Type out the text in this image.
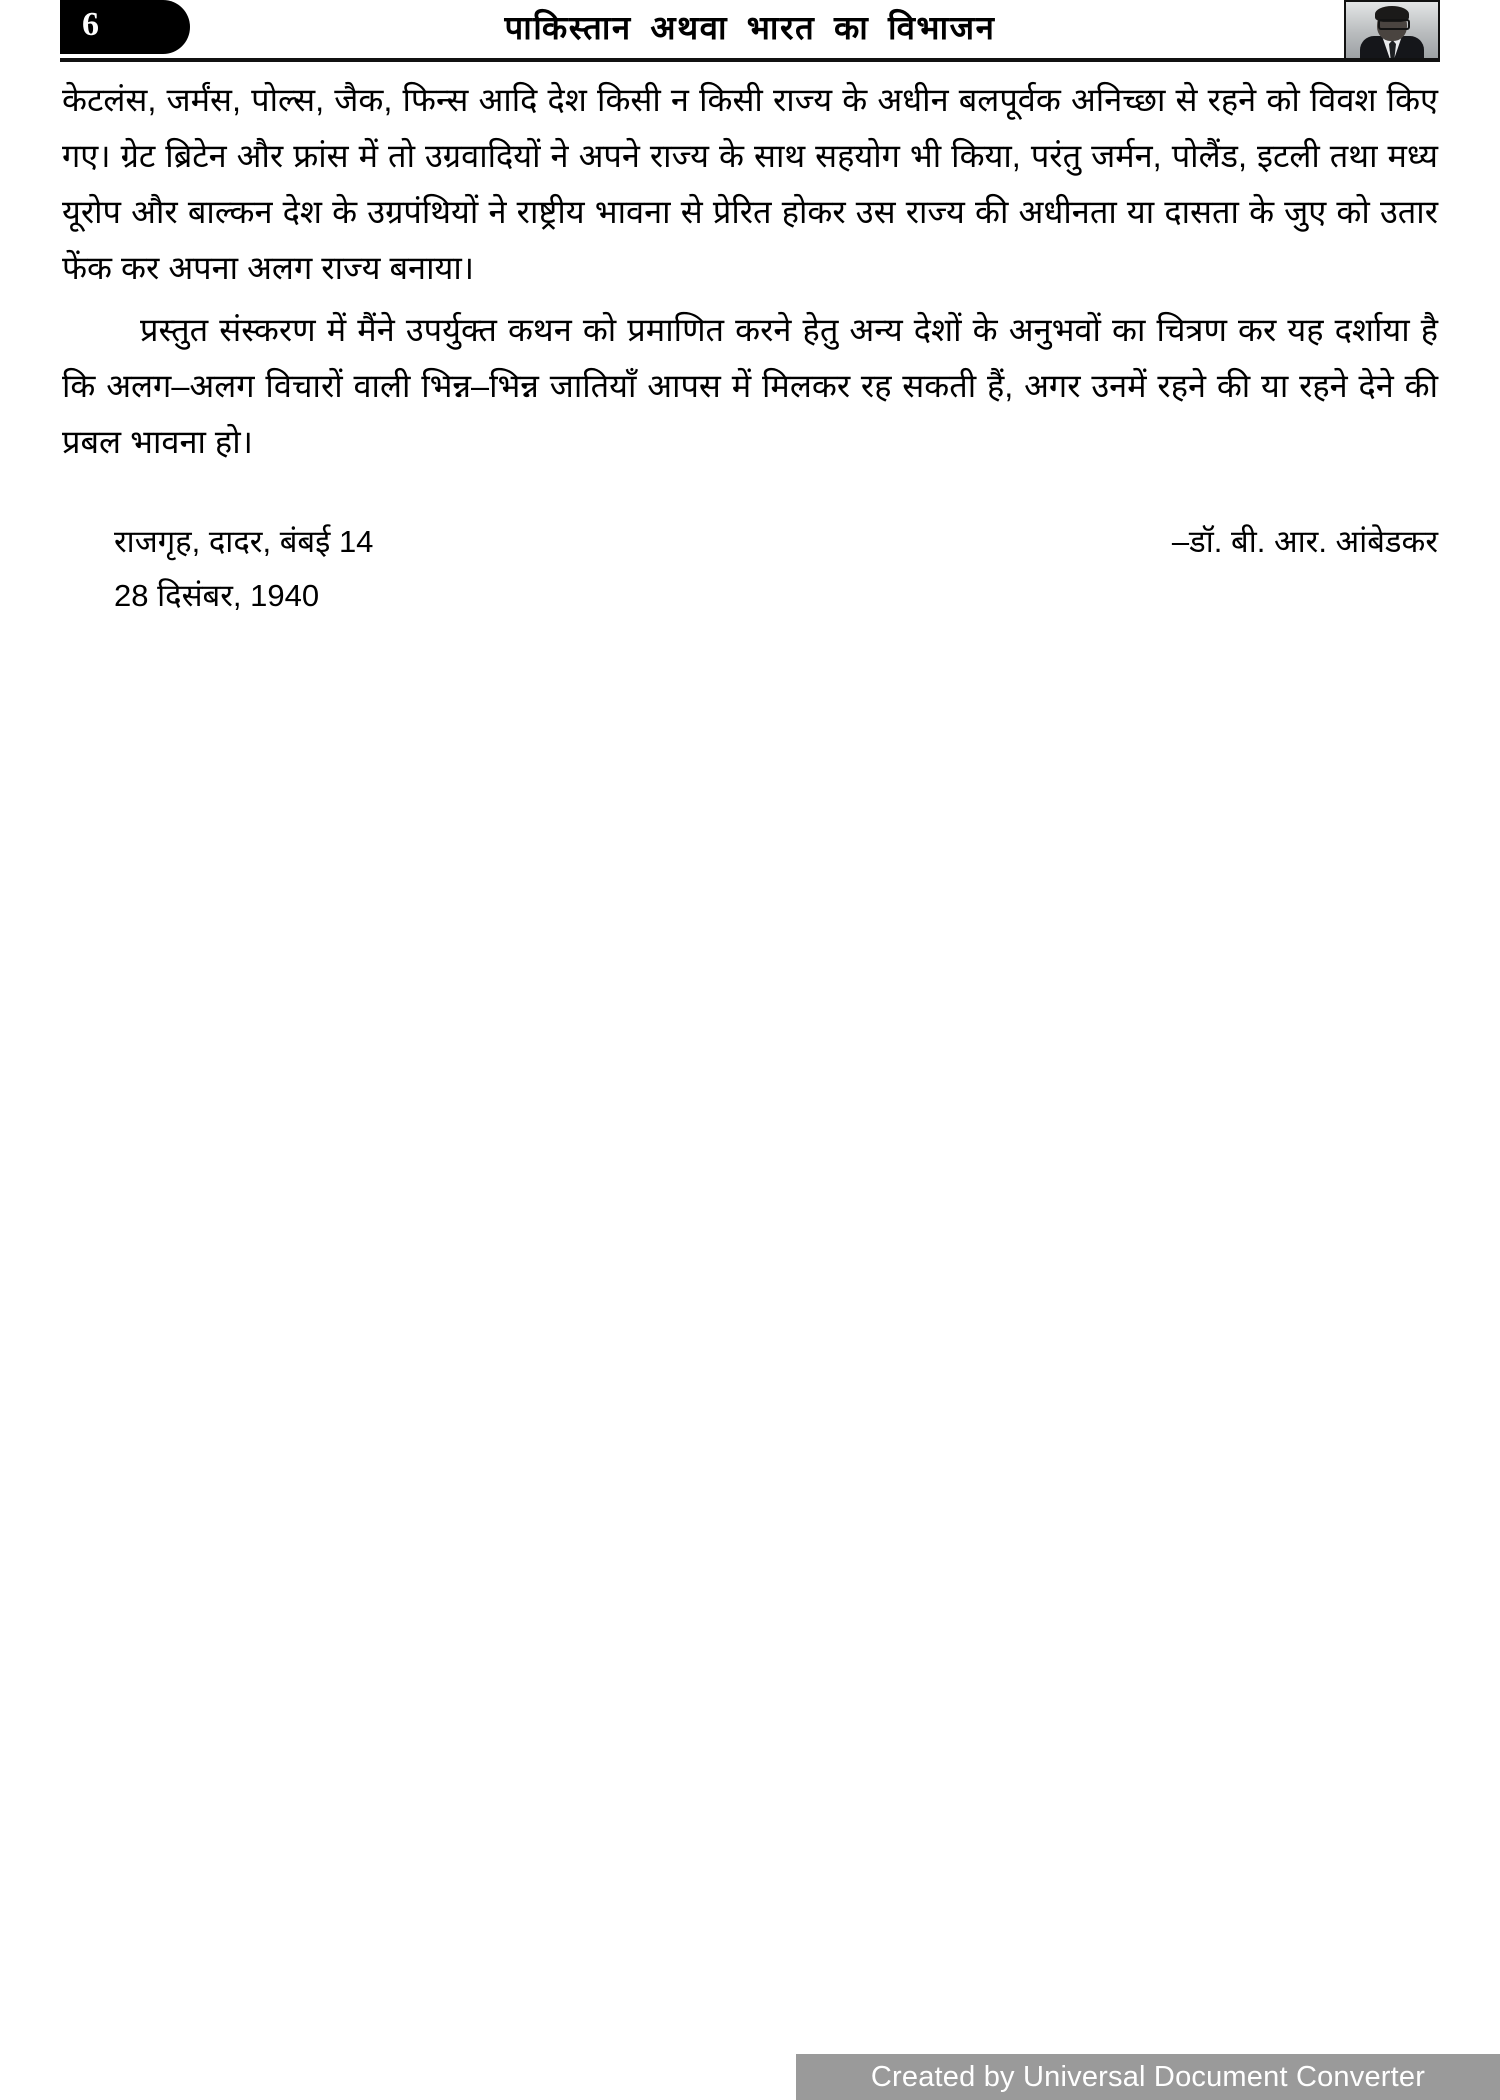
6	पाकिस्तान अथवा भारत का विभाजन

केटलंस, जर्मंस, पोल्स, जैक, फिन्स आदि देश किसी न किसी राज्य के अधीन बलपूर्वक अनिच्छा से रहने को विवश किए गए। ग्रेट ब्रिटेन और फ्रांस में तो उग्रवादियों ने अपने राज्य के साथ सहयोग भी किया, परंतु जर्मन, पोलैंड, इटली तथा मध्य यूरोप और बाल्कन देश के उग्रपंथियों ने राष्ट्रीय भावना से प्रेरित होकर उस राज्य की अधीनता या दासता के जुए को उतार फेंक कर अपना अलग राज्य बनाया।

प्रस्तुत संस्करण में मैंने उपर्युक्त कथन को प्रमाणित करने हेतु अन्य देशों के अनुभवों का चित्रण कर यह दर्शाया है कि अलग–अलग विचारों वाली भिन्न–भिन्न जातियाँ आपस में मिलकर रह सकती हैं, अगर उनमें रहने की या रहने देने की प्रबल भावना हो।

राजगृह, दादर, बंबई 14	–डॉ. बी. आर. आंबेडकर
28 दिसंबर, 1940
Created by Universal Document Converter
